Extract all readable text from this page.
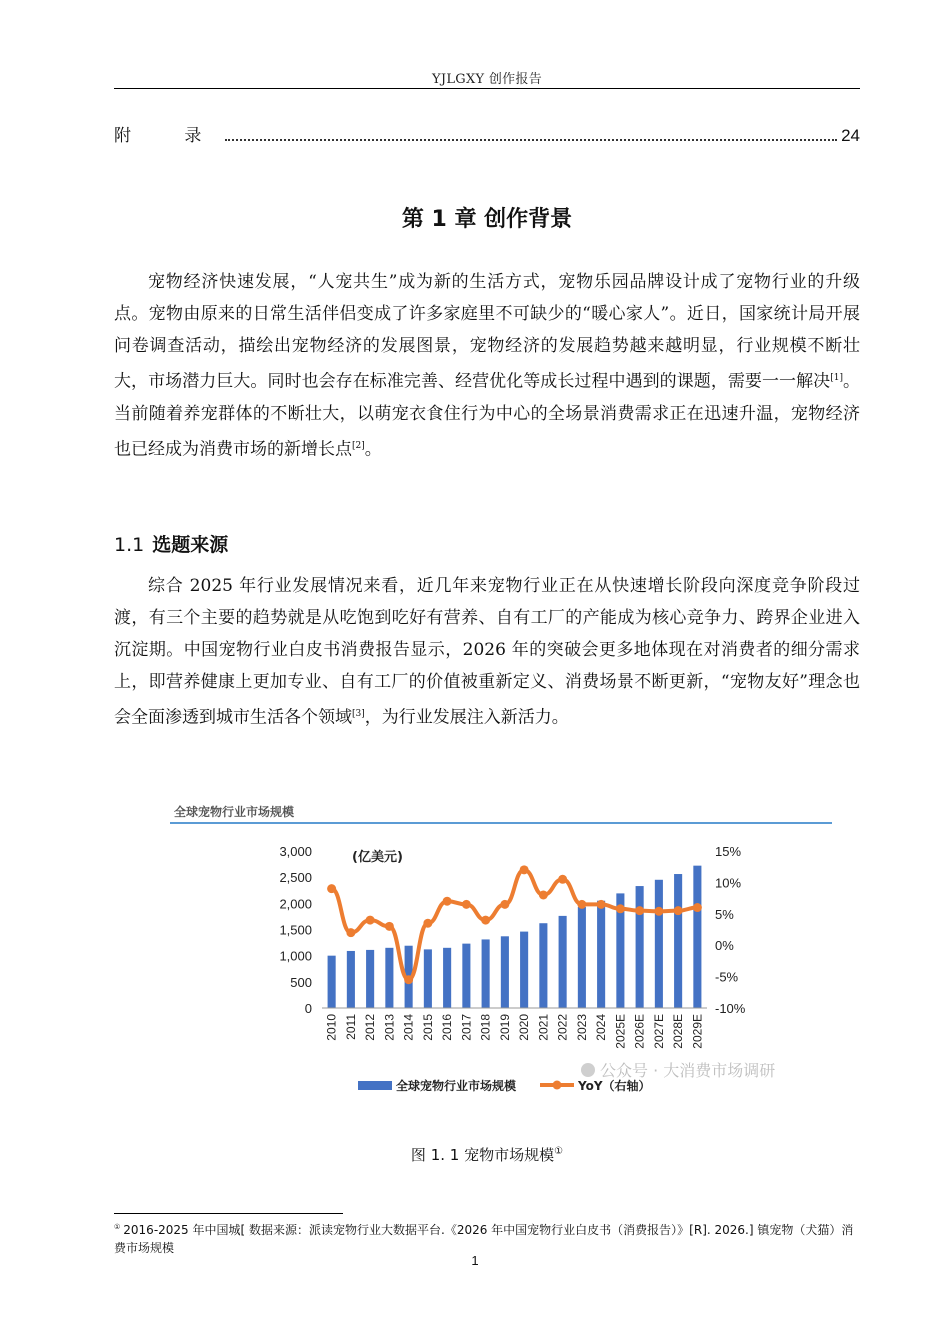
YJLGXY 创作报告
附 录	24
第 1 章 创作背景

宠物经济快速发展，“人宠共生”成为新的生活方式，宠物乐园品牌设计成了宠物行业的升级点。宠物由原来的日常生活伴侣变成了许多家庭里不可缺少的“暖心家人”。近日，国家统计局开展问卷调查活动，描绘出宠物经济的发展图景，宠物经济的发展趋势越来越明显，行业规模不断壮大，市场潜力巨大。同时也会存在标准完善、经营优化等成长过程中遇到的课题，需要一一解决[1]。当前随着养宠群体的不断壮大，以萌宠衣食住行为中心的全场景消费需求正在迅速升温，宠物经济也已经成为消费市场的新增长点[2]。

1.1 选题来源

综合 2025 年行业发展情况来看，近几年来宠物行业正在从快速增长阶段向深度竞争阶段过渡，有三个主要的趋势就是从吃饱到吃好有营养、自有工厂的产能成为核心竞争力、跨界企业进入沉淀期。中国宠物行业白皮书消费报告显示，2026 年的突破会更多地体现在对消费者的细分需求上，即营养健康上更加专业、自有工厂的价值被重新定义、消费场景不断更新，“宠物友好”理念也会全面渗透到城市生活各个领域[3]，为行业发展注入新活力。

全球宠物行业市场规模
0
500
1,000
1,500
2,000
2,500
3,000
-10%
-5%
0%
5%
10%
15%
(亿美元)
2010 2011 2012 2013 2014 2015 2016 2017 2018 2019 2020 2021 2022 2023 2024 2025E 2026E 2027E 2028E 2029E
公众号 · 大消费市场调研
全球宠物行业市场规模	YoY（右轴）
图 1. 1 宠物市场规模①
① 2016-2025 年中国城[ 数据来源：派读宠物行业大数据平台.《2026 年中国宠物行业白皮书（消费报告）》[R]. 2026.] 镇宠物（犬猫）消费市场规模
1
